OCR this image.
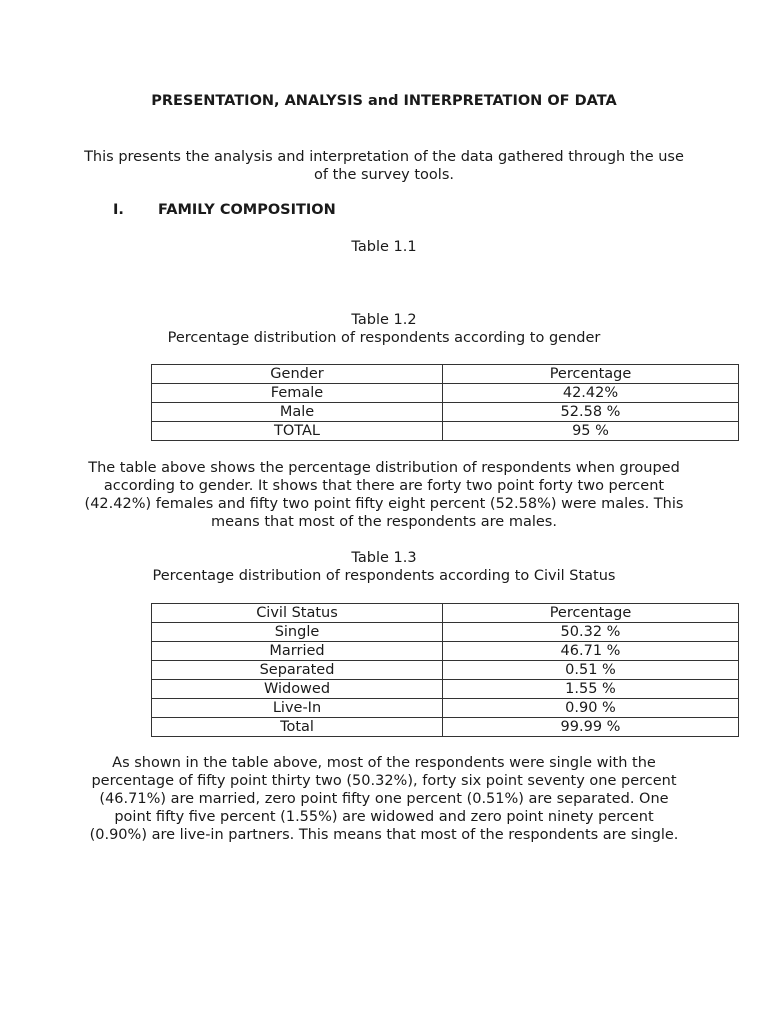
PRESENTATION, ANALYSIS and INTERPRETATION OF DATA
This presents the analysis and interpretation of the data gathered through the use of the survey tools.
I. FAMILY COMPOSITION
Table 1.1
Table 1.2
Percentage distribution of respondents according to gender
Gender	Percentage
Female	42.42%
Male	52.58 %
TOTAL	95 %
The table above shows the percentage distribution of respondents when grouped according to gender. It shows that there are forty two point forty two percent (42.42%) females and fifty two point fifty eight percent (52.58%) were males. This means that most of the respondents are males.
Table 1.3
Percentage distribution of respondents according to Civil Status
Civil Status	Percentage
Single	50.32 %
Married	46.71 %
Separated	0.51 %
Widowed	1.55 %
Live-In	0.90 %
Total	99.99 %
As shown in the table above, most of the respondents were single with the percentage of fifty point thirty two (50.32%), forty six point seventy one percent (46.71%) are married, zero point fifty one percent (0.51%) are separated. One point fifty five percent (1.55%) are widowed and zero point ninety percent (0.90%) are live-in partners. This means that most of the respondents are single.
